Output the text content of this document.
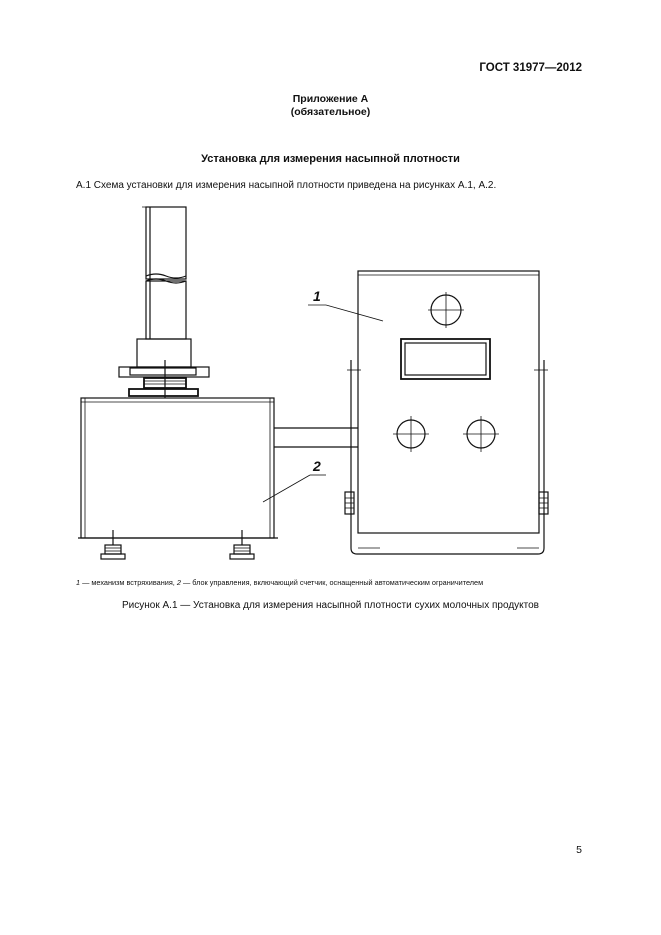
ГОСТ 31977—2012
Приложение А
(обязательное)
Установка для измерения насыпной плотности
А.1 Схема установки для измерения насыпной плотности приведена на рисунках А.1, А.2.
1
2
1 — механизм встряхивания, 2 — блок управления, включающий счетчик, оснащенный автоматическим ограничителем
Рисунок А.1 — Установка для измерения насыпной плотности сухих молочных продуктов
5
